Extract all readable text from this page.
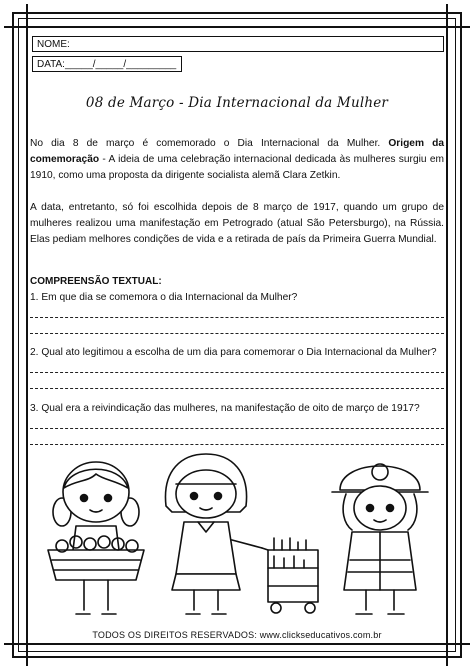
NOME:
DATA:_____/_____/_________
08 de Março - Dia Internacional da Mulher
No dia 8 de março é comemorado o Dia Internacional da Mulher. Origem da comemoração - A ideia de uma celebração internacional dedicada às mulheres surgiu em 1910, como uma proposta da dirigente socialista alemã Clara Zetkin.
A data, entretanto, só foi escolhida depois de 8 março de 1917, quando um grupo de mulheres realizou uma manifestação em Petrogrado (atual São Petersburgo), na Rússia. Elas pediam melhores condições de vida e a retirada de país da Primeira Guerra Mundial.
COMPREENSÃO TEXTUAL:
1. Em que dia se comemora o dia Internacional da Mulher?
2. Qual ato legitimou a escolha de um dia para comemorar o Dia Internacional da Mulher?
3. Qual era a reivindicação das mulheres, na manifestação de oito de março de 1917?
TODOS OS DIREITOS RESERVADOS: www.clickseducativos.com.br
